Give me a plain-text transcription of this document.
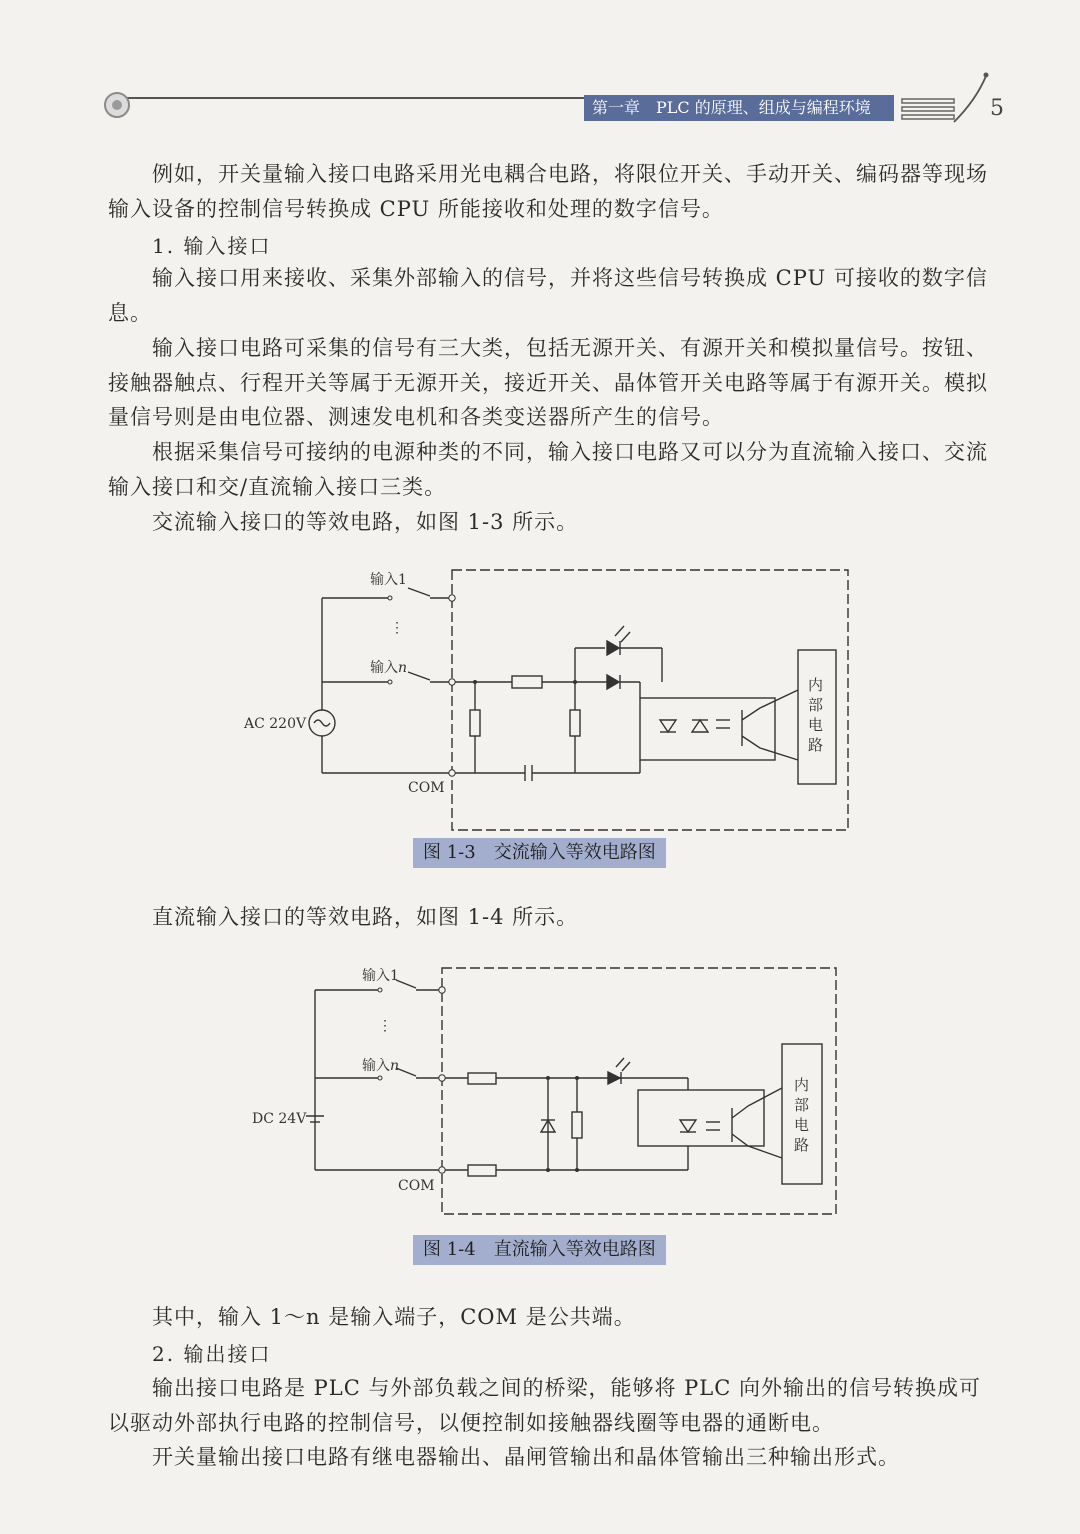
第一章　PLC 的原理、组成与编程环境	5

例如，开关量输入接口电路采用光电耦合电路，将限位开关、手动开关、编码器等现场输入设备的控制信号转换成 CPU 所能接收和处理的数字信号。

1. 输入接口

输入接口用来接收、采集外部输入的信号，并将这些信号转换成 CPU 可接收的数字信息。

输入接口电路可采集的信号有三大类，包括无源开关、有源开关和模拟量信号。按钮、接触器触点、行程开关等属于无源开关，接近开关、晶体管开关电路等属于有源开关。模拟量信号则是由电位器、测速发电机和各类变送器所产生的信号。

根据采集信号可接纳的电源种类的不同，输入接口电路又可以分为直流输入接口、交流输入接口和交/直流输入接口三类。

交流输入接口的等效电路，如图 1-3 所示。

输入1
⋮
输入n
AC 220V
COM
内
部
电
路
图 1-3　交流输入等效电路图

直流输入接口的等效电路，如图 1-4 所示。

输入1
⋮
输入n
DC 24V
COM
内
部
电
路
图 1-4　直流输入等效电路图

其中，输入 1～n 是输入端子，COM 是公共端。

2. 输出接口

输出接口电路是 PLC 与外部负载之间的桥梁，能够将 PLC 向外输出的信号转换成可以驱动外部执行电路的控制信号，以便控制如接触器线圈等电器的通断电。

开关量输出接口电路有继电器输出、晶闸管输出和晶体管输出三种输出形式。
